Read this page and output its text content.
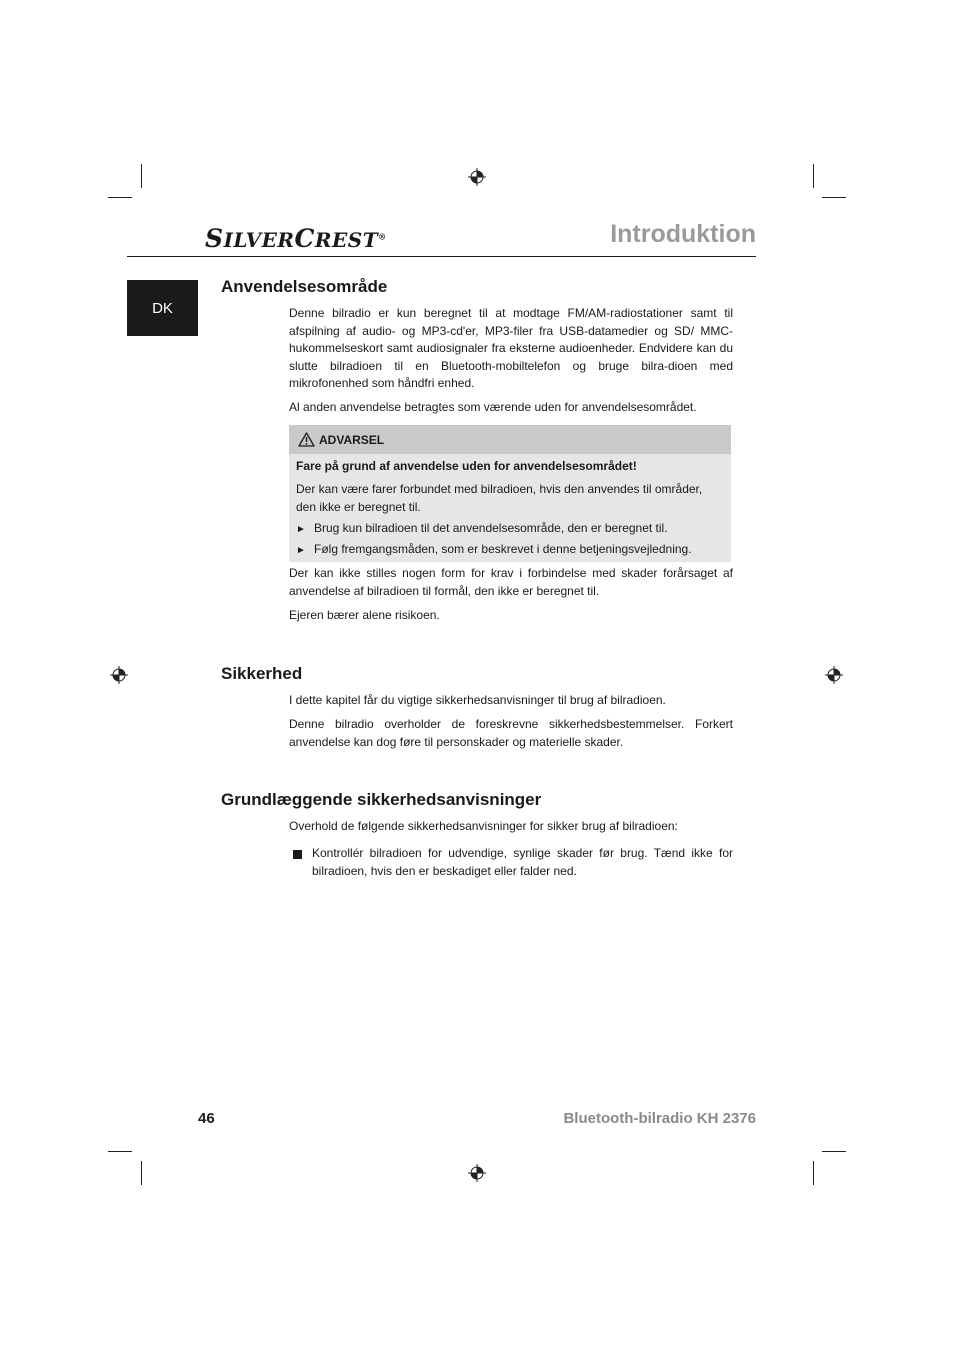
SILVERCREST®	Introduktion
DK
Anvendelsesområde

Denne bilradio er kun beregnet til at modtage FM/AM-radiostationer samt til afspilning af audio- og MP3-cd'er, MP3-filer fra USB-datamedier og SD/ MMC-hukommelseskort samt audiosignaler fra eksterne audioenheder. Endvidere kan du slutte bilradioen til en Bluetooth-mobiltelefon og bruge bilra-dioen med mikrofonenhed som håndfri enhed.

Al anden anvendelse betragtes som værende uden for anvendelsesområdet.

ADVARSEL

Fare på grund af anvendelse uden for anvendelsesområdet!

Der kan være farer forbundet med bilradioen, hvis den anvendes til områder, den ikke er beregnet til.

► Brug kun bilradioen til det anvendelsesområde, den er beregnet til.
► Følg fremgangsmåden, som er beskrevet i denne betjeningsvejledning.

Der kan ikke stilles nogen form for krav i forbindelse med skader forårsaget af anvendelse af bilradioen til formål, den ikke er beregnet til.

Ejeren bærer alene risikoen.

Sikkerhed

I dette kapitel får du vigtige sikkerhedsanvisninger til brug af bilradioen.

Denne bilradio overholder de foreskrevne sikkerhedsbestemmelser. Forkert anvendelse kan dog føre til personskader og materielle skader.

Grundlæggende sikkerhedsanvisninger

Overhold de følgende sikkerhedsanvisninger for sikker brug af bilradioen:

Kontrollér bilradioen for udvendige, synlige skader før brug. Tænd ikke for bilradioen, hvis den er beskadiget eller falder ned.
46	Bluetooth-bilradio KH 2376
